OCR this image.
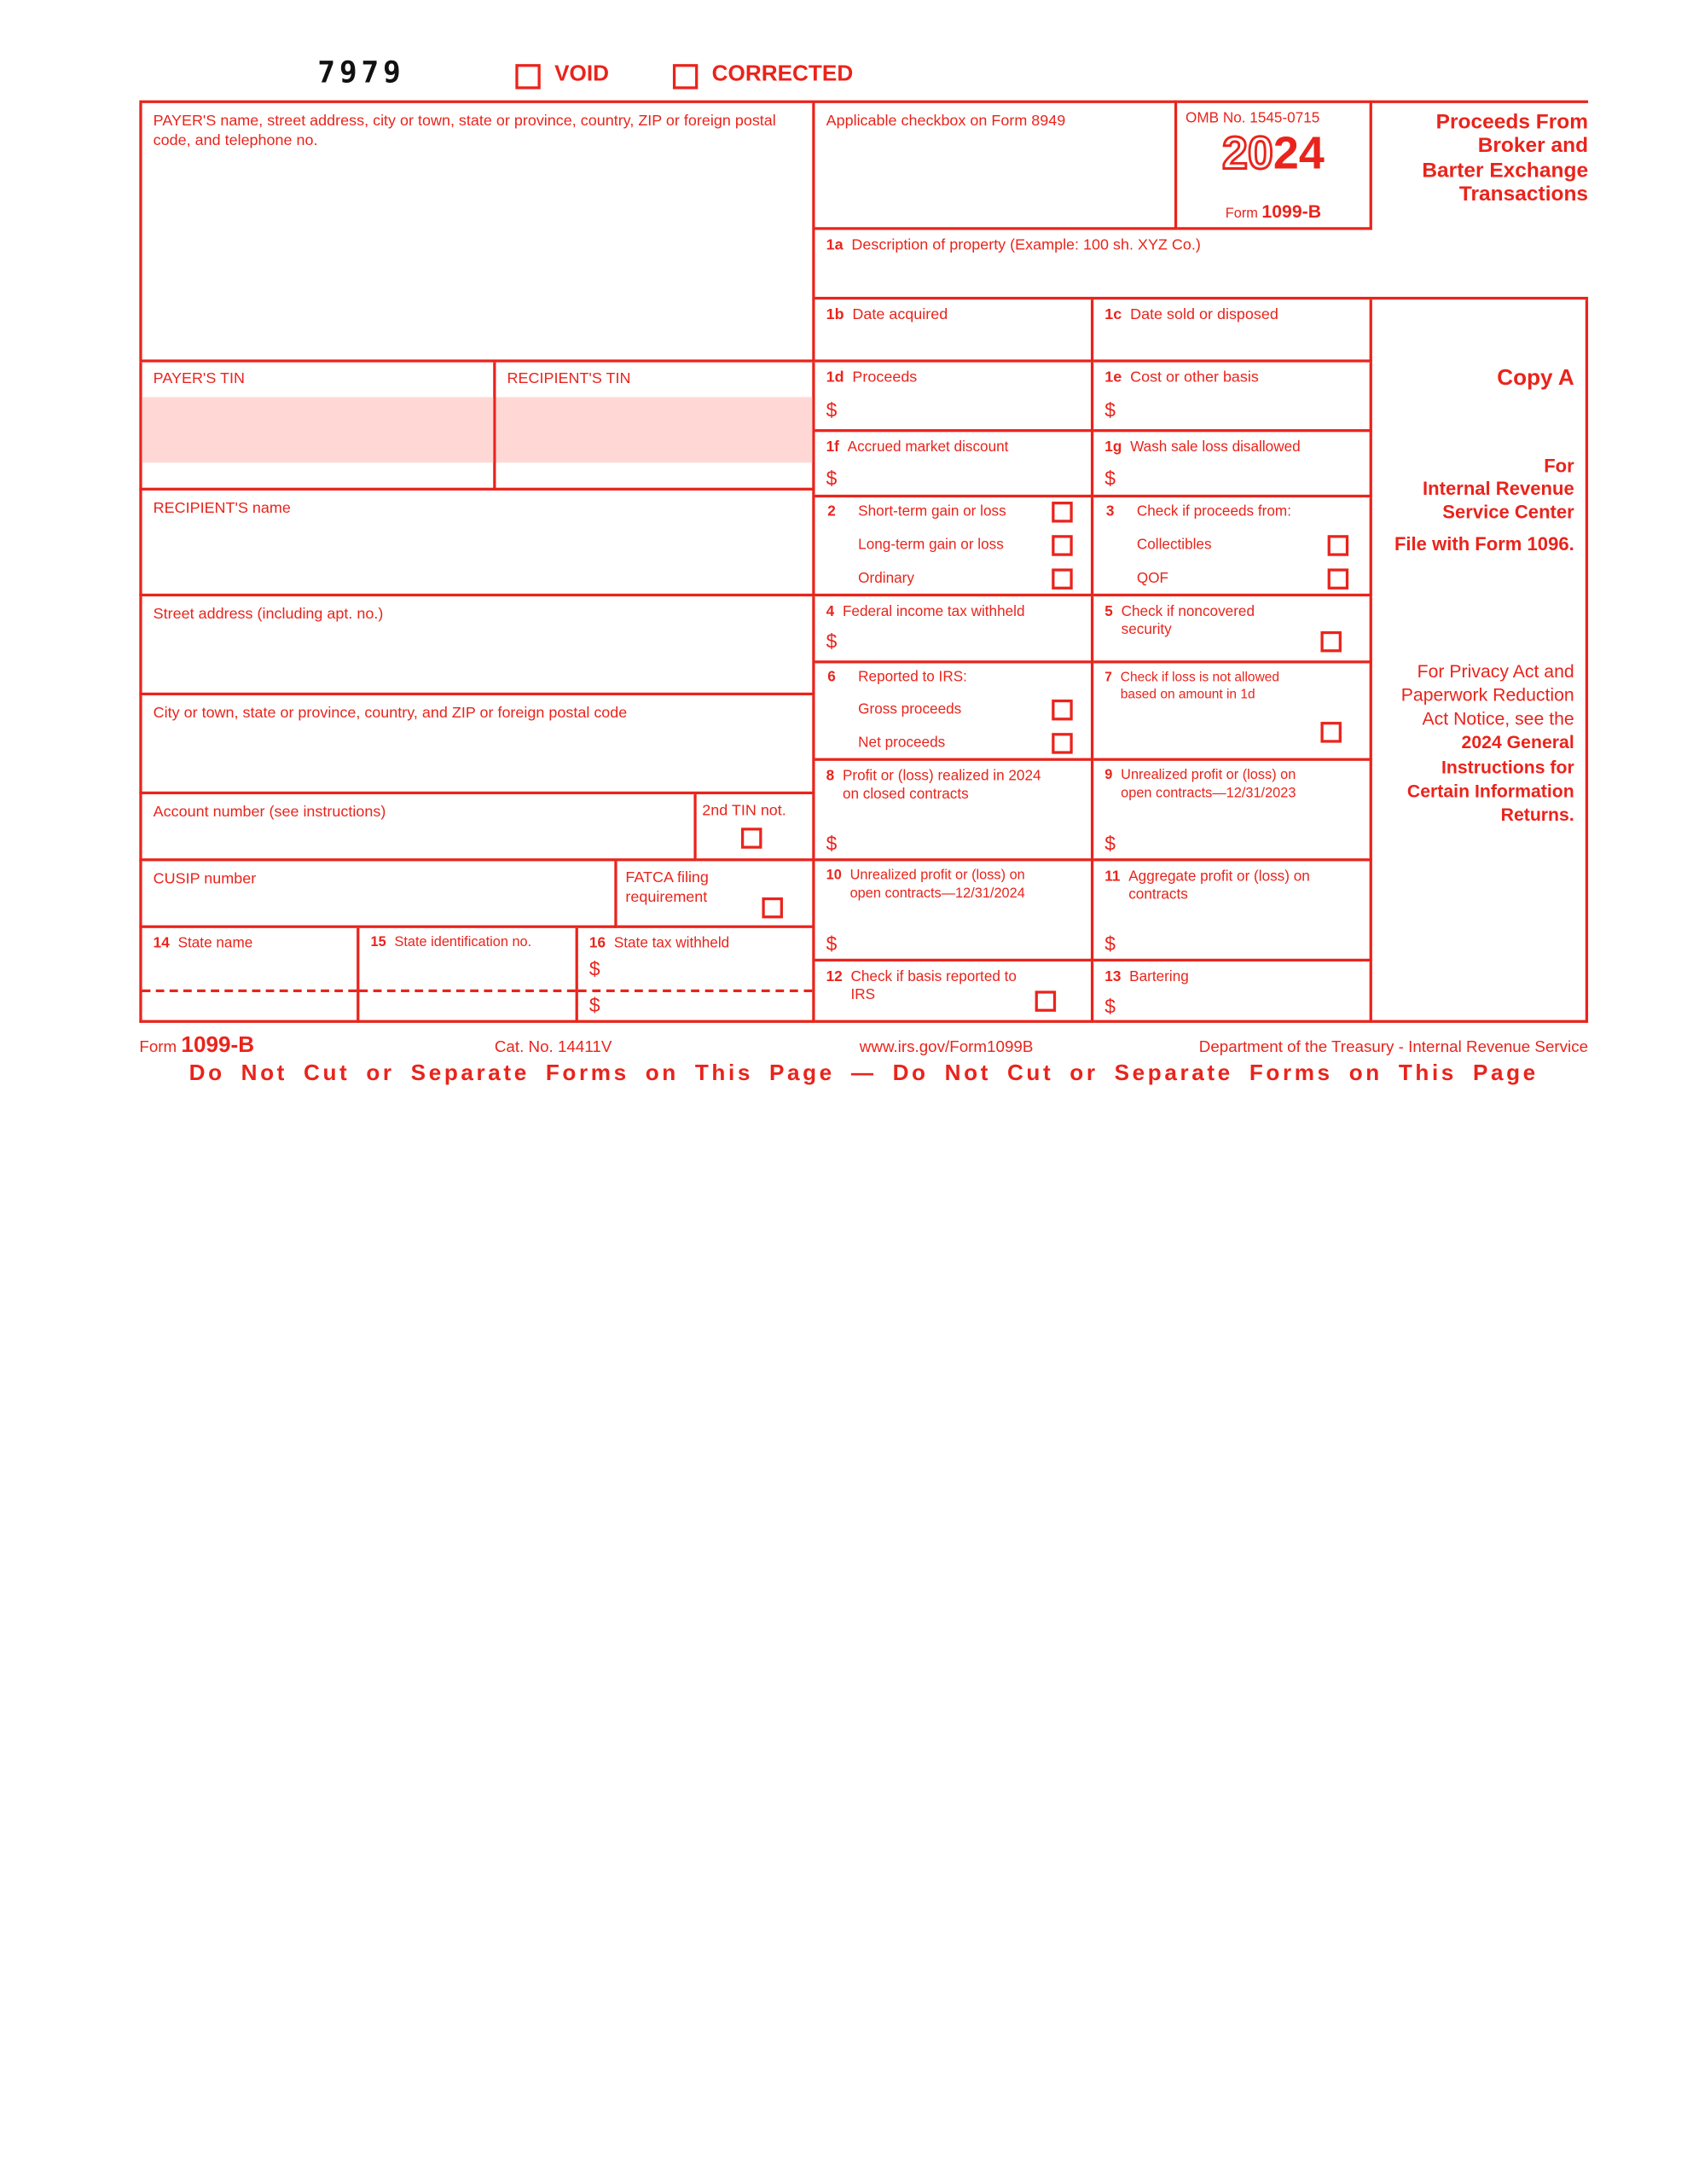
7979	VOID	CORRECTED
PAYER'S name, street address, city or town, state or province, country, ZIP or foreign postal code, and telephone no.
PAYER'S TIN	RECIPIENT'S TIN
RECIPIENT'S name
Street address (including apt. no.)
City or town, state or province, country, and ZIP or foreign postal code
Account number (see instructions)	2nd TIN not.
CUSIP number	FATCA filing requirement
14 State name	15 State identification no.	16 State tax withheld
$
$
Applicable checkbox on Form 8949	OMB No. 1545-0715
2024
Form 1099-B
Proceeds From
Broker and
Barter Exchange
Transactions
1a Description of property (Example: 100 sh. XYZ Co.)
1b Date acquired	1c Date sold or disposed
1d Proceeds
$
1e Cost or other basis
$
1f Accrued market discount
$
1g Wash sale loss disallowed
$
2	Short-term gain or loss
Long-term gain or loss
Ordinary
3	Check if proceeds from:
Collectibles
QOF
4 Federal income tax withheld
$
5 Check if noncovered security
6	Reported to IRS:
Gross proceeds
Net proceeds
7 Check if loss is not allowed based on amount in 1d
8 Profit or (loss) realized in 2024 on closed contracts
$
9 Unrealized profit or (loss) on open contracts—12/31/2023
$
10 Unrealized profit or (loss) on open contracts—12/31/2024
$
11 Aggregate profit or (loss) on contracts
$
12 Check if basis reported to IRS
13 Bartering
$
Copy A
For
Internal Revenue
Service Center
File with Form 1096.
For Privacy Act and Paperwork Reduction Act Notice, see the 2024 General Instructions for Certain Information Returns.
Form 1099-B	Cat. No. 14411V	www.irs.gov/Form1099B	Department of the Treasury - Internal Revenue Service
Do Not Cut or Separate Forms on This Page — Do Not Cut or Separate Forms on This Page
